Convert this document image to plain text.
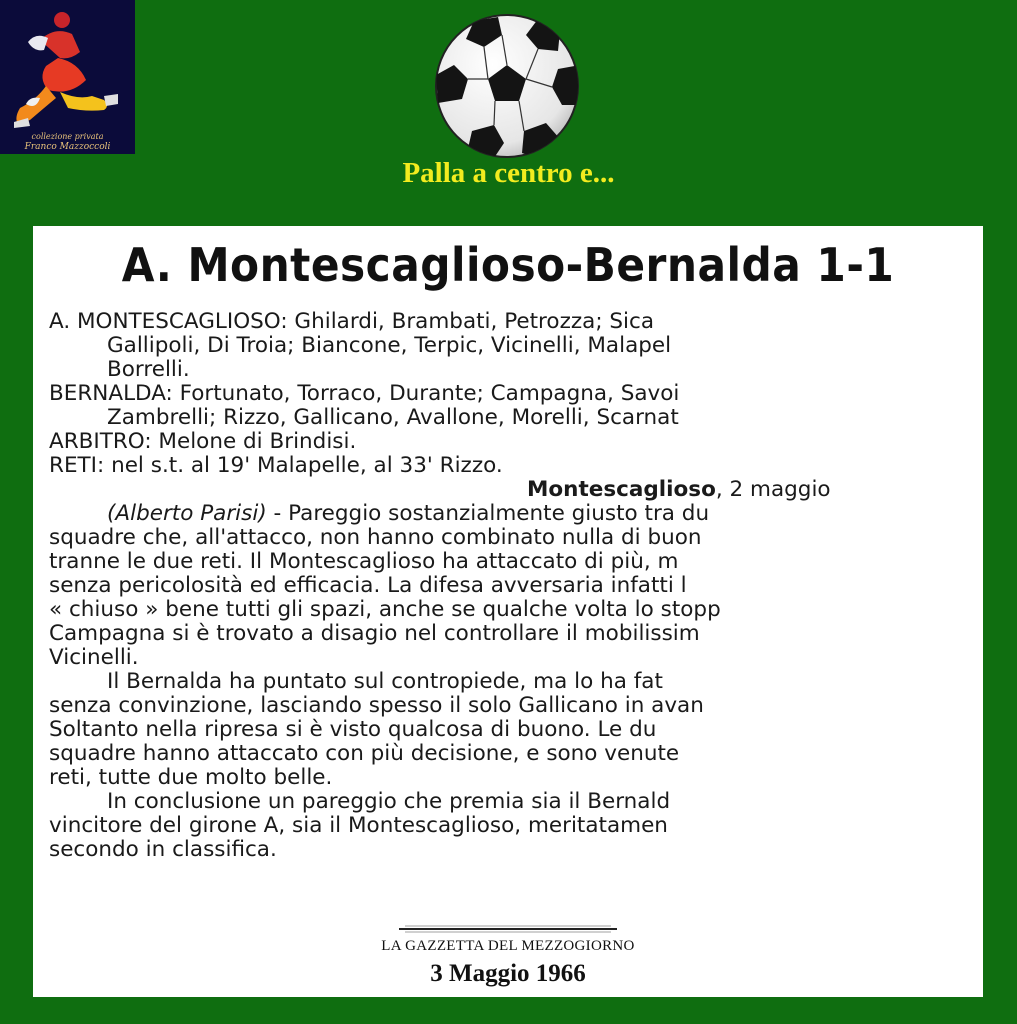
collezione privata
Franco Mazzoccoli
Palla a centro e...
A. Montescaglioso-Bernalda 1-1
A. MONTESCAGLIOSO: Ghilardi, Brambati, Petrozza; Sica
Gallipoli, Di Troia; Biancone, Terpic, Vicinelli, Malapel
Borrelli.
BERNALDA: Fortunato, Torraco, Durante; Campagna, Savoi
Zambrelli; Rizzo, Gallicano, Avallone, Morelli, Scarnat
ARBITRO: Melone di Brindisi.
RETI: nel s.t. al 19' Malapelle, al 33' Rizzo.
Montescaglioso, 2 maggio
(Alberto Parisi) - Pareggio sostanzialmente giusto tra du
squadre che, all'attacco, non hanno combinato nulla di buon
tranne le due reti. Il Montescaglioso ha attaccato di più, m
senza pericolosità ed efficacia. La difesa avversaria infatti l
« chiuso » bene tutti gli spazi, anche se qualche volta lo stopp
Campagna si è trovato a disagio nel controllare il mobilissim
Vicinelli.
Il Bernalda ha puntato sul contropiede, ma lo ha fat
senza convinzione, lasciando spesso il solo Gallicano in avan
Soltanto nella ripresa si è visto qualcosa di buono. Le du
squadre hanno attaccato con più decisione, e sono venute
reti, tutte due molto belle.
In conclusione un pareggio che premia sia il Bernald
vincitore del girone A, sia il Montescaglioso, meritatamen
secondo in classifica.
LA GAZZETTA DEL MEZZOGIORNO
3 Maggio 1966
